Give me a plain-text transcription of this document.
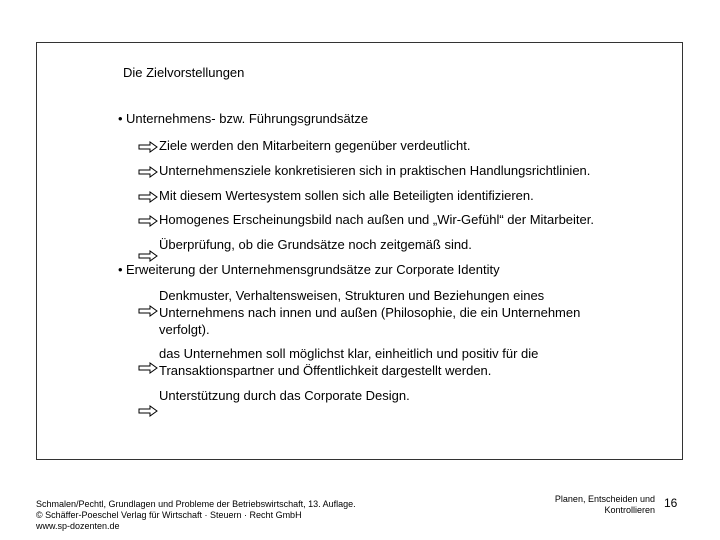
Die Zielvorstellungen
• Unternehmens- bzw. Führungsgrundsätze
Ziele werden den Mitarbeitern gegenüber verdeutlicht.
Unternehmensziele konkretisieren sich in praktischen Handlungsrichtlinien.
Mit diesem Wertesystem sollen sich alle Beteiligten identifizieren.
Homogenes Erscheinungsbild nach außen und „Wir-Gefühl“ der Mitarbeiter.
Überprüfung, ob die Grundsätze noch zeitgemäß sind.
• Erweiterung der Unternehmensgrundsätze zur Corporate Identity
Denkmuster, Verhaltensweisen, Strukturen und Beziehungen eines Unternehmens nach innen und außen (Philosophie, die ein Unternehmen verfolgt).
das Unternehmen soll möglichst klar, einheitlich und positiv für die Transaktionspartner und Öffentlichkeit dargestellt werden.
Unterstützung durch das Corporate Design.
Schmalen/Pechtl, Grundlagen und Probleme der Betriebswirtschaft, 13. Auflage.
© Schäffer-Poeschel Verlag für Wirtschaft · Steuern · Recht GmbH
www.sp-dozenten.de
Planen, Entscheiden und
Kontrollieren 16
